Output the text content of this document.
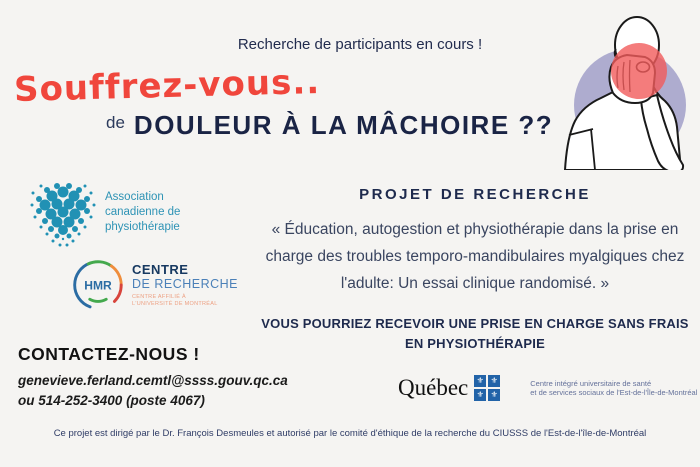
Recherche de participants en cours !
Souffrez-vous..
de DOULEUR À LA MÂCHOIRE ??
Association
canadienne de
physiothérapie
HMR
CENTRE
DE RECHERCHE
CENTRE AFFILIÉ À
L'UNIVERSITÉ DE MONTRÉAL
PROJET DE RECHERCHE
« Éducation, autogestion et physiothérapie dans la prise en charge des troubles temporo-mandibulaires myalgiques chez l'adulte: Un essai clinique randomisé. »
VOUS POURRIEZ RECEVOIR UNE PRISE EN CHARGE SANS FRAIS EN PHYSIOTHÉRAPIE
CONTACTEZ-NOUS !
genevieve.ferland.cemtl@ssss.gouv.qc.ca
ou 514-252-3400 (poste 4067)	Québec	⚜ ⚜
⚜ ⚜
Centre intégré universitaire de santé
et de services sociaux de l'Est-de-l'Île-de-Montréal
Ce projet est dirigé par le Dr. François Desmeules et autorisé par le comité d'éthique de la recherche du CIUSSS de l'Est-de-l'île-de-Montréal
